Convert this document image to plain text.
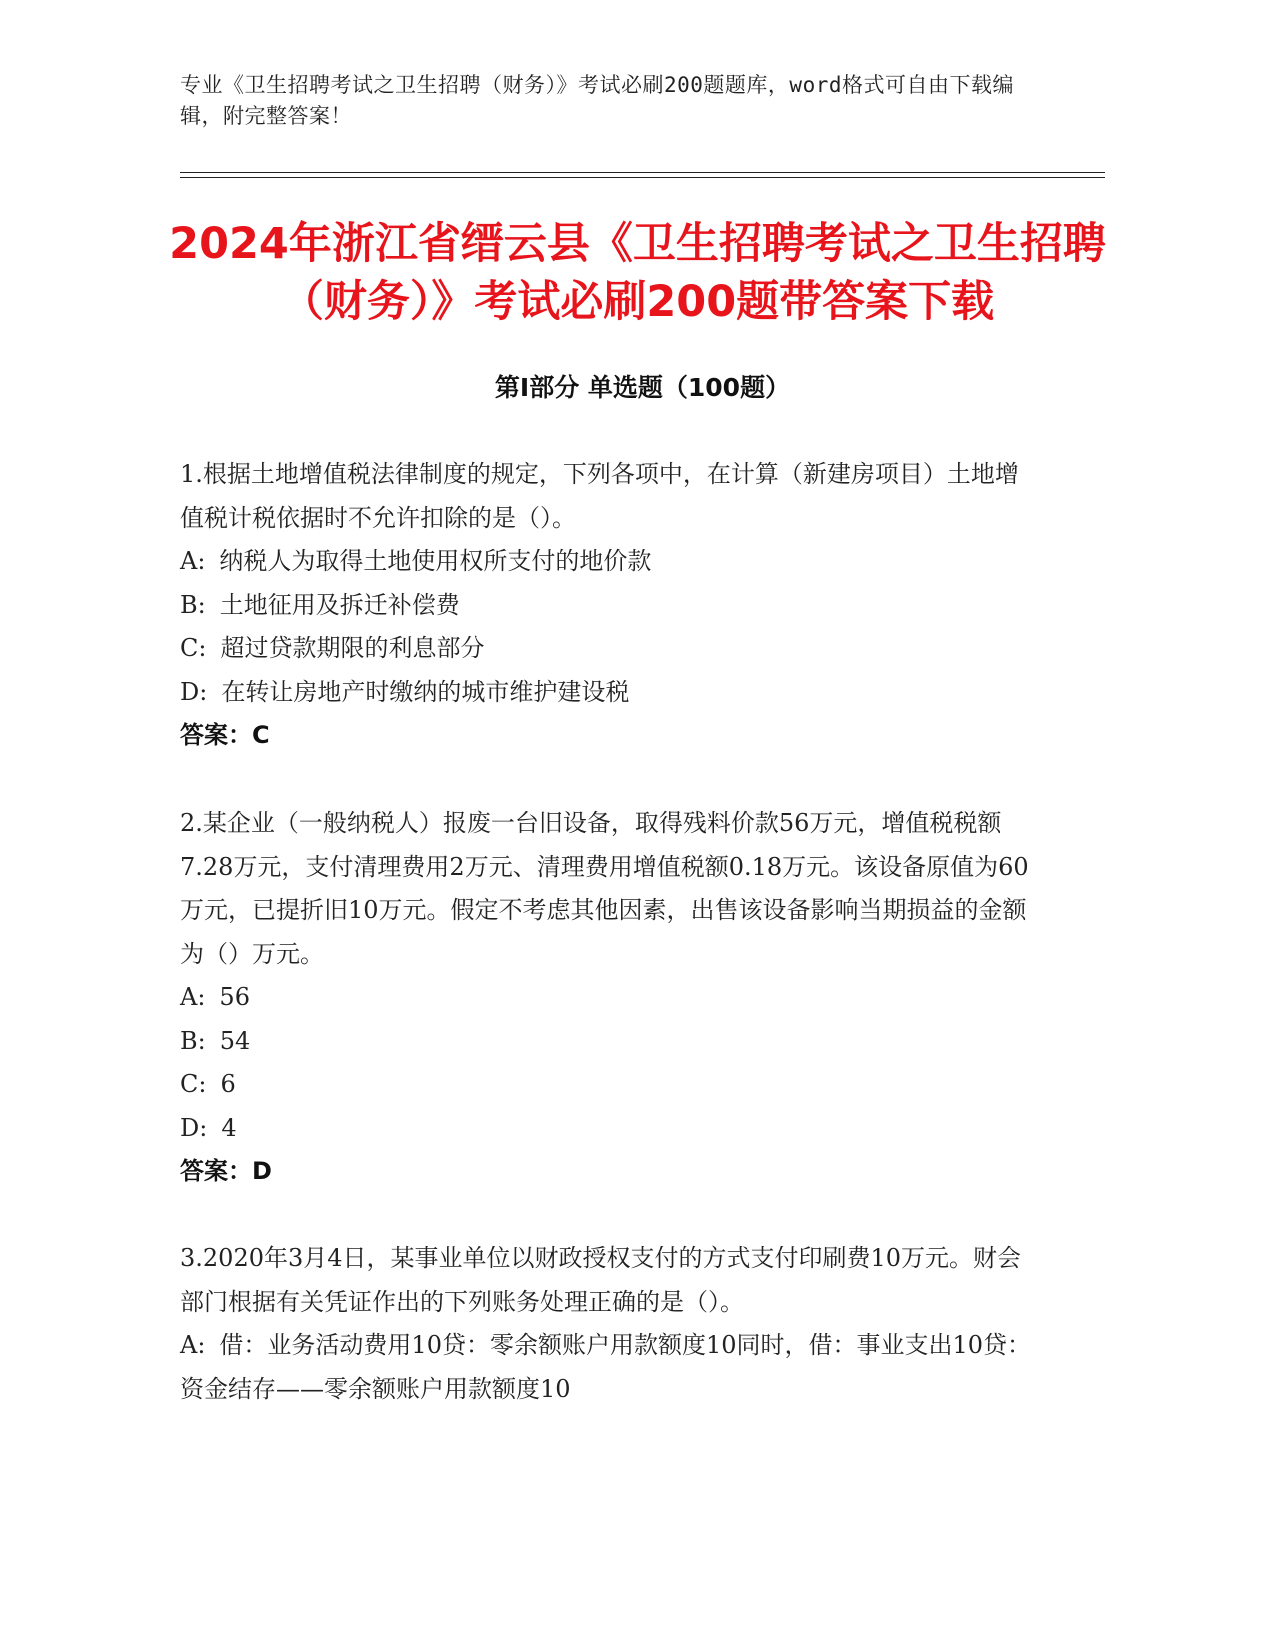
专业《卫生招聘考试之卫生招聘（财务）》考试必刷200题题库，word格式可自由下载编辑，附完整答案！
2024年浙江省缙云县《卫生招聘考试之卫生招聘（财务）》考试必刷200题带答案下载
第Ⅰ部分 单选题（100题）

1.根据土地增值税法律制度的规定，下列各项中，在计算（新建房项目）土地增值税计税依据时不允许扣除的是（）。

A: 纳税人为取得土地使用权所支付的地价款

B: 土地征用及拆迁补偿费

C: 超过贷款期限的利息部分

D: 在转让房地产时缴纳的城市维护建设税

答案：C

2.某企业（一般纳税人）报废一台旧设备，取得残料价款56万元，增值税税额7.28万元，支付清理费用2万元、清理费用增值税额0.18万元。该设备原值为60万元，已提折旧10万元。假定不考虑其他因素，出售该设备影响当期损益的金额为（）万元。

A: 56

B: 54

C: 6

D: 4

答案：D

3.2020年3月4日，某事业单位以财政授权支付的方式支付印刷费10万元。财会部门根据有关凭证作出的下列账务处理正确的是（）。

A: 借：业务活动费用10贷：零余额账户用款额度10同时，借：事业支出10贷：资金结存——零余额账户用款额度10
